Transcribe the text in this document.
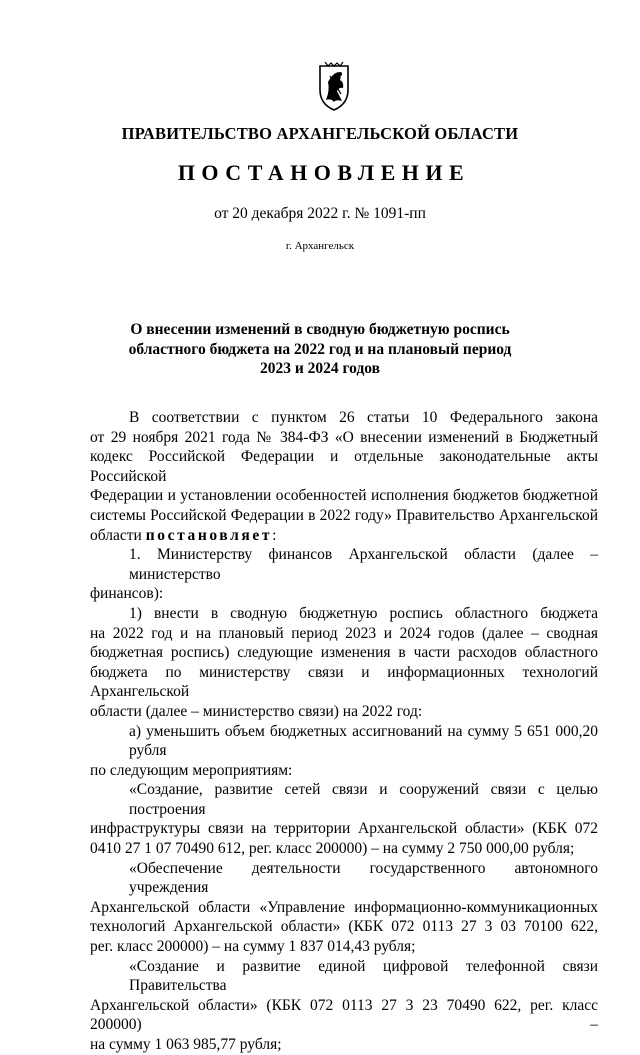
ПРАВИТЕЛЬСТВО АРХАНГЕЛЬСКОЙ ОБЛАСТИ
ПОСТАНОВЛЕНИЕ
от 20 декабря 2022 г. № 1091-пп
г. Архангельск
О внесении изменений в сводную бюджетную роспись
областного бюджета на 2022 год и на плановый период
2023 и 2024 годов
В соответствии с пунктом 26 статьи 10 Федерального закона
от 29 ноября 2021 года № 384-ФЗ «О внесении изменений в Бюджетный
кодекс Российской Федерации и отдельные законодательные акты Российской
Федерации и установлении особенностей исполнения бюджетов бюджетной
системы Российской Федерации в 2022 году» Правительство Архангельской
области постановляет:
1. Министерству финансов Архангельской области (далее – министерство
финансов):
1) внести в сводную бюджетную роспись областного бюджета
на 2022 год и на плановый период 2023 и 2024 годов (далее – сводная
бюджетная роспись) следующие изменения в части расходов областного
бюджета по министерству связи и информационных технологий Архангельской
области (далее – министерство связи) на 2022 год:
а) уменьшить объем бюджетных ассигнований на сумму 5 651 000,20 рубля
по следующим мероприятиям:
«Создание, развитие сетей связи и сооружений связи с целью построения
инфраструктуры связи на территории Архангельской области» (КБК 072
0410 27 1 07 70490 612, рег. класс 200000) – на сумму 2 750 000,00 рубля;
«Обеспечение деятельности государственного автономного учреждения
Архангельской области «Управление информационно-коммуникационных
технологий Архангельской области» (КБК 072 0113 27 3 03 70100 622,
рег. класс 200000) – на сумму 1 837 014,43 рубля;
«Создание и развитие единой цифровой телефонной связи Правительства
Архангельской области» (КБК 072 0113 27 3 23 70490 622, рег. класс 200000) –
на сумму 1 063 985,77 рубля;
